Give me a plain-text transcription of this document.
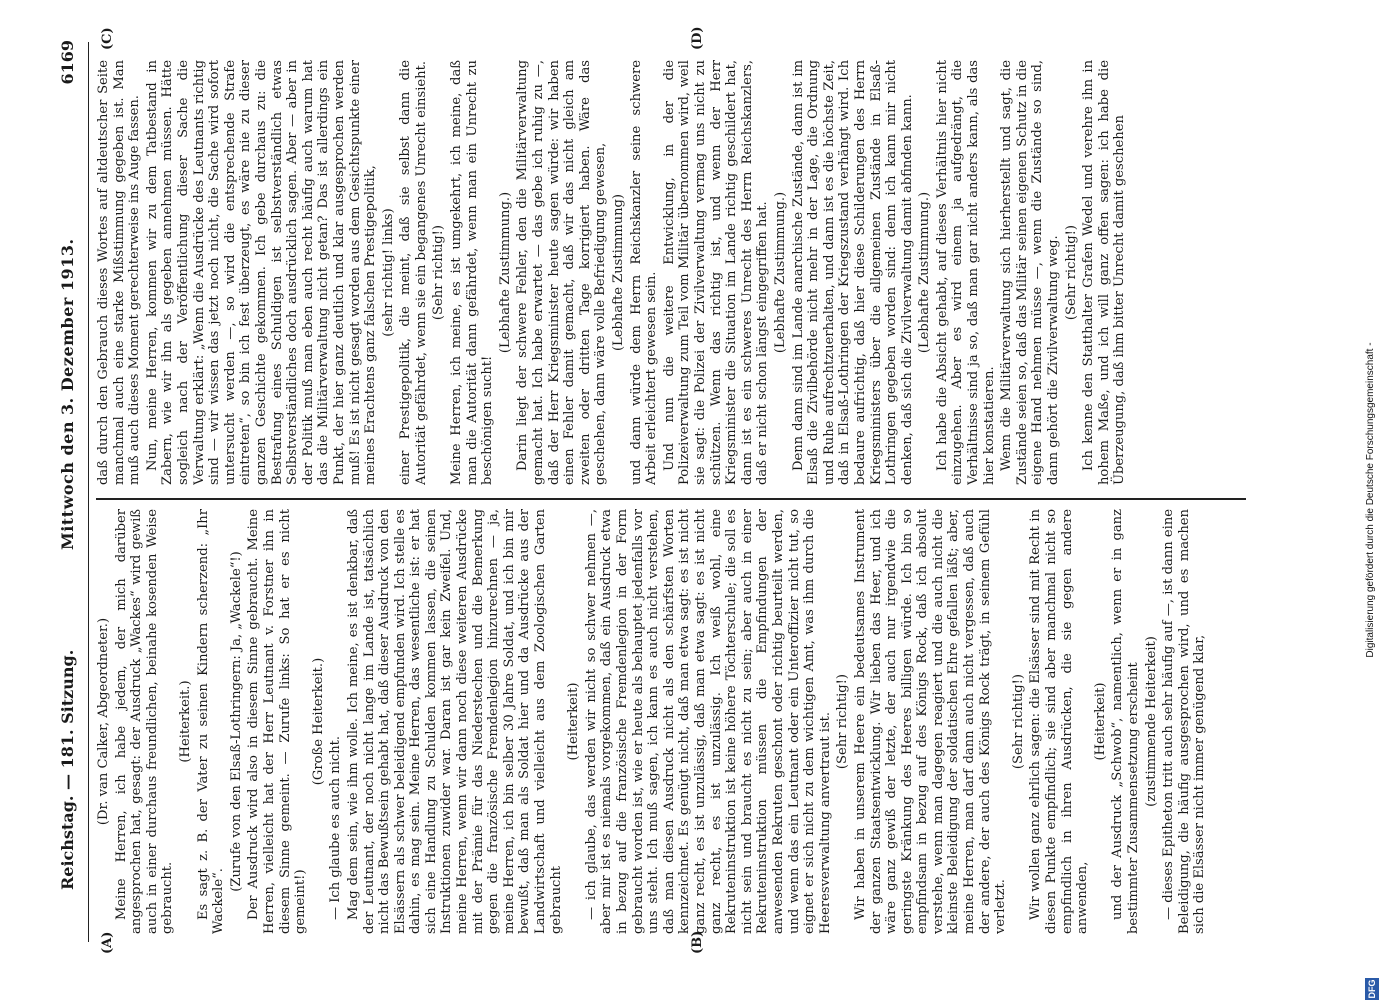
Reichstag. — 181. Sitzung.
Mittwoch den 3. Dezember 1913.
6169
(A)	(B)
(C)	(D)

(Dr. van Calker, Abgeordneter.) Meine Herren, ich habe jedem, der mich darüber angesprochen hat, gesagt: der Ausdruck „Wackes“ wird gewiß auch in einer durchaus freundlichen, beinahe kosenden Weise gebraucht.

(Heiterkeit.) Es sagt z. B. der Vater zu seinen Kindern scherzend: „Ihr Wackele“.

(Zurufe von den Elsaß-Lothringern: Ja, „Wackele“!) Der Ausdruck wird also in diesem Sinne gebraucht. Meine Herren, vielleicht hat der Herr Leutnant v. Forstner ihn in diesem Sinne gemeint. — Zurufe links: So hat er es nicht gemeint!)

(Große Heiterkeit.)

— Ich glaube es auch nicht. Mag dem sein, wie ihm wolle. Ich meine, es ist denkbar, daß der Leutnant, der noch nicht lange im Lande ist, tatsächlich nicht das Bewußtsein gehabt hat, daß dieser Ausdruck von den Elsässern als schwer beleidigend empfunden wird. Ich stelle es dahin, es mag sein. Meine Herren, das wesentliche ist: er hat sich eine Handlung zu Schulden kommen lassen, die seinen Instruktionen zuwider war. Daran ist gar kein Zweifel. Und, meine Herren, wenn wir dann noch diese weiteren Ausdrücke mit der Prämie für das Niederstechen und die Bemerkung gegen die französische Fremdenlegion hinzurechnen — ja, meine Herren, ich bin selber 30 Jahre Soldat, und ich bin mir bewußt, daß man als Soldat hier und da Ausdrücke aus der Landwirtschaft und vielleicht aus dem Zoologischen Garten gebraucht

(Heiterkeit) — ich glaube, das werden wir nicht so schwer nehmen —, aber mir ist es niemals vorgekommen, daß ein Ausdruck etwa in bezug auf die französische Fremdenlegion in der Form gebraucht worden ist, wie er heute als behauptet jedenfalls vor uns steht. Ich muß sagen, ich kann es auch nicht verstehen, daß man diesen Ausdruck nicht als den schärfsten Worten kennzeichnet. Es genügt nicht, daß man etwa sagt: es ist nicht ganz recht, es ist unzulässig, daß man etwa sagt: es ist nicht ganz recht, es ist unzulässig. Ich weiß wohl, eine Rekruteninstruktion ist keine höhere Töchterschule; die soll es nicht sein und braucht es nicht zu sein; aber auch in einer Rekruteninstruktion müssen die Empfindungen der anwesenden Rekruten geschont oder richtig beurteilt werden, und wenn das ein Leutnant oder ein Unteroffizier nicht tut, so eignet er sich nicht zu dem wichtigen Amt, was ihm durch die Heeresverwaltung anvertraut ist. (Sehr richtig!) Wir haben in unserem Heere ein bedeutsames Instrument der ganzen Staatsentwicklung. Wir lieben das Heer, und ich wäre ganz gewiß der letzte, der auch nur irgendwie die geringste Kränkung des Heeres billigen würde. Ich bin so empfindsam in bezug auf des Königs Rock, daß ich absolut verstehe, wenn man dagegen reagiert und die auch nicht die kleinste Beleidigung der soldatischen Ehre gefallen läßt; aber, meine Herren, man darf dann auch nicht vergessen, daß auch der andere, der auch des Königs Rock trägt, in seinem Gefühl verletzt.

(Sehr richtig!) Wir wollen ganz ehrlich sagen: die Elsässer sind mit Recht in diesen Punkte empfindlich; sie sind aber manchmal nicht so empfindlich in ihren Ausdrücken, die sie gegen andere anwenden,

(Heiterkeit) und der Ausdruck „Schwob“, namentlich, wenn er in ganz bestimmter Zusammensetzung erscheint (zustimmende Heiterkeit) — dieses Epitheton tritt auch sehr häufig auf —, ist dann eine Beleidigung, die häufig ausgesprochen wird, und es machen sich die Elsässer nicht immer genügend klar,

daß durch den Gebrauch dieses Wortes auf altdeutscher Seite manchmal auch eine starke Mißstimmung gegeben ist. Man muß auch dieses Moment gerechterweise ins Auge fassen. Nun, meine Herren, kommen wir zu dem Tatbestand in Zabern, wie wir ihn als gegeben annehmen müssen. Hätte sogleich nach der Veröffentlichung dieser Sache die Verwaltung erklärt: „Wenn die Ausdrücke des Leutnants richtig sind — wir wissen das jetzt noch nicht, die Sache wird sofort untersucht werden —, so wird die entsprechende Strafe eintreten“, so bin ich fest überzeugt, es wäre nie zu dieser ganzen Geschichte gekommen. Ich gebe durchaus zu: die Bestrafung eines Schuldigen ist selbstverständlich etwas Selbstverständliches doch ausdrücklich sagen. Aber — aber in der Politik muß man eben auch recht häufig auch warum hat das die Militärverwaltung nicht getan? Das ist allerdings ein Punkt, der hier ganz deutlich und klar ausgesprochen werden muß! Es ist nicht gesagt worden aus dem Gesichtspunkte einer meines Erachtens ganz falschen Prestigepolitik, (sehr richtig! links) einer Prestigepolitik, die meint, daß sie selbst dann die Autorität gefährdet, wenn sie ein begangenes Unrecht einsieht. (Sehr richtig!) Meine Herren, ich meine, es ist umgekehrt, ich meine, daß man die Autorität dann gefährdet, wenn man ein Unrecht zu beschönigen sucht!

(Lebhafte Zustimmung.) Darin liegt der schwere Fehler, den die Militärverwaltung gemacht hat. Ich habe erwartet — das gebe ich ruhig zu —, daß der Herr Kriegsminister heute sagen würde: wir haben einen Fehler damit gemacht, daß wir das nicht gleich am zweiten oder dritten Tage korrigiert haben. Wäre das geschehen, dann wäre volle Befriedigung gewesen, (Lebhafte Zustimmung) und dann würde dem Herrn Reichskanzler seine schwere Arbeit erleichtert gewesen sein. Und nun die weitere Entwicklung, in der die Polizeiverwaltung zum Teil vom Militär übernommen wird, weil sie sagt: die Polizei der Zivilverwaltung vermag uns nicht zu schützen. Wenn das richtig ist, und wenn der Herr Kriegsminister die Situation im Lande richtig geschildert hat, dann ist es ein schweres Unrecht des Herrn Reichskanzlers, daß er nicht schon längst eingegriffen hat. (Lebhafte Zustimmung.) Denn dann sind im Lande anarchische Zustände, dann ist im Elsaß die Zivilbehörde nicht mehr in der Lage, die Ordnung und Ruhe aufrechtzuerhalten, und dann ist es die höchste Zeit, daß in Elsaß-Lothringen der Kriegszustand verhängt wird. Ich bedaure aufrichtig, daß hier diese Schilderungen des Herrn Kriegsministers über die allgemeinen Zustände in Elsaß-Lothringen gegeben worden sind: denn ich kann mir nicht denken, daß sich die Zivilverwaltung damit abfinden kann. (Lebhafte Zustimmung.) Ich habe die Absicht gehabt, auf dieses Verhältnis hier nicht einzugehen. Aber es wird einem ja aufgedrängt, die Verhältnisse sind ja so, daß man gar nicht anders kann, als das hier konstatieren. Wenn die Militärverwaltung sich hierherstellt und sagt, die Zustände seien so, daß das Militär seinen eigenen Schutz in die eigene Hand nehmen müsse —, wenn die Zustände so sind, dann gehört die Zivilverwaltung weg. (Sehr richtig!) Ich kenne den Statthalter Grafen Wedel und verehre ihn in hohem Maße, und ich will ganz offen sagen: ich habe die Überzeugung, daß ihm bitter Unrecht damit geschehen

DFG
Digitalisierung gefördert durch die Deutsche Forschungsgemeinschaft -
